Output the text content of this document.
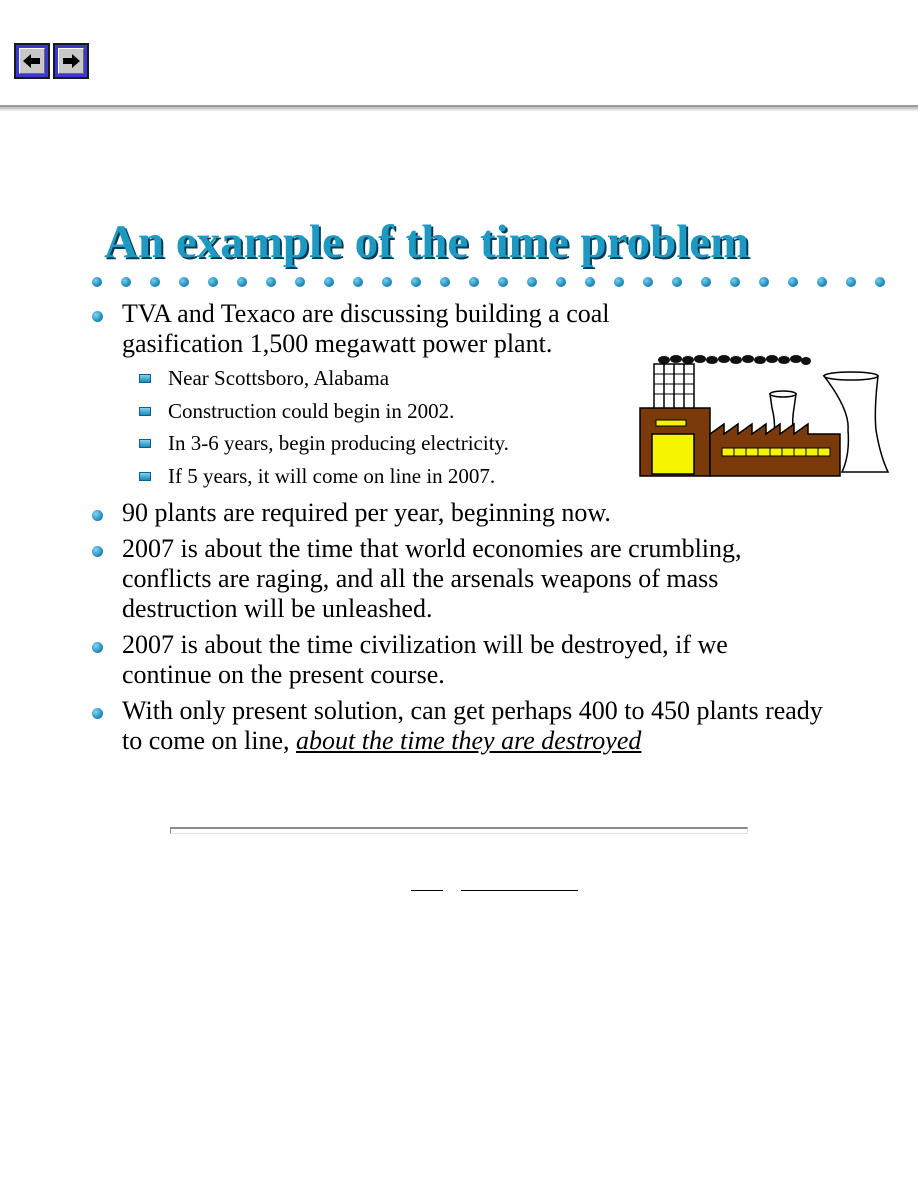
An example of the time problem
TVA and Texaco are discussing building a coal gasification 1,500 megawatt power plant.
Near Scottsboro, Alabama
Construction could begin in 2002.
In 3-6 years, begin producing electricity.
If 5 years, it will come on line in 2007.
90 plants are required per year, beginning now.
2007 is about the time that world economies are crumbling, conflicts are raging, and all the arsenals weapons of mass destruction will be unleashed.
2007 is about the time civilization will be destroyed, if we continue on the present course.
With only present solution, can get perhaps 400 to 450 plants ready to come on line, about the time they are destroyed
